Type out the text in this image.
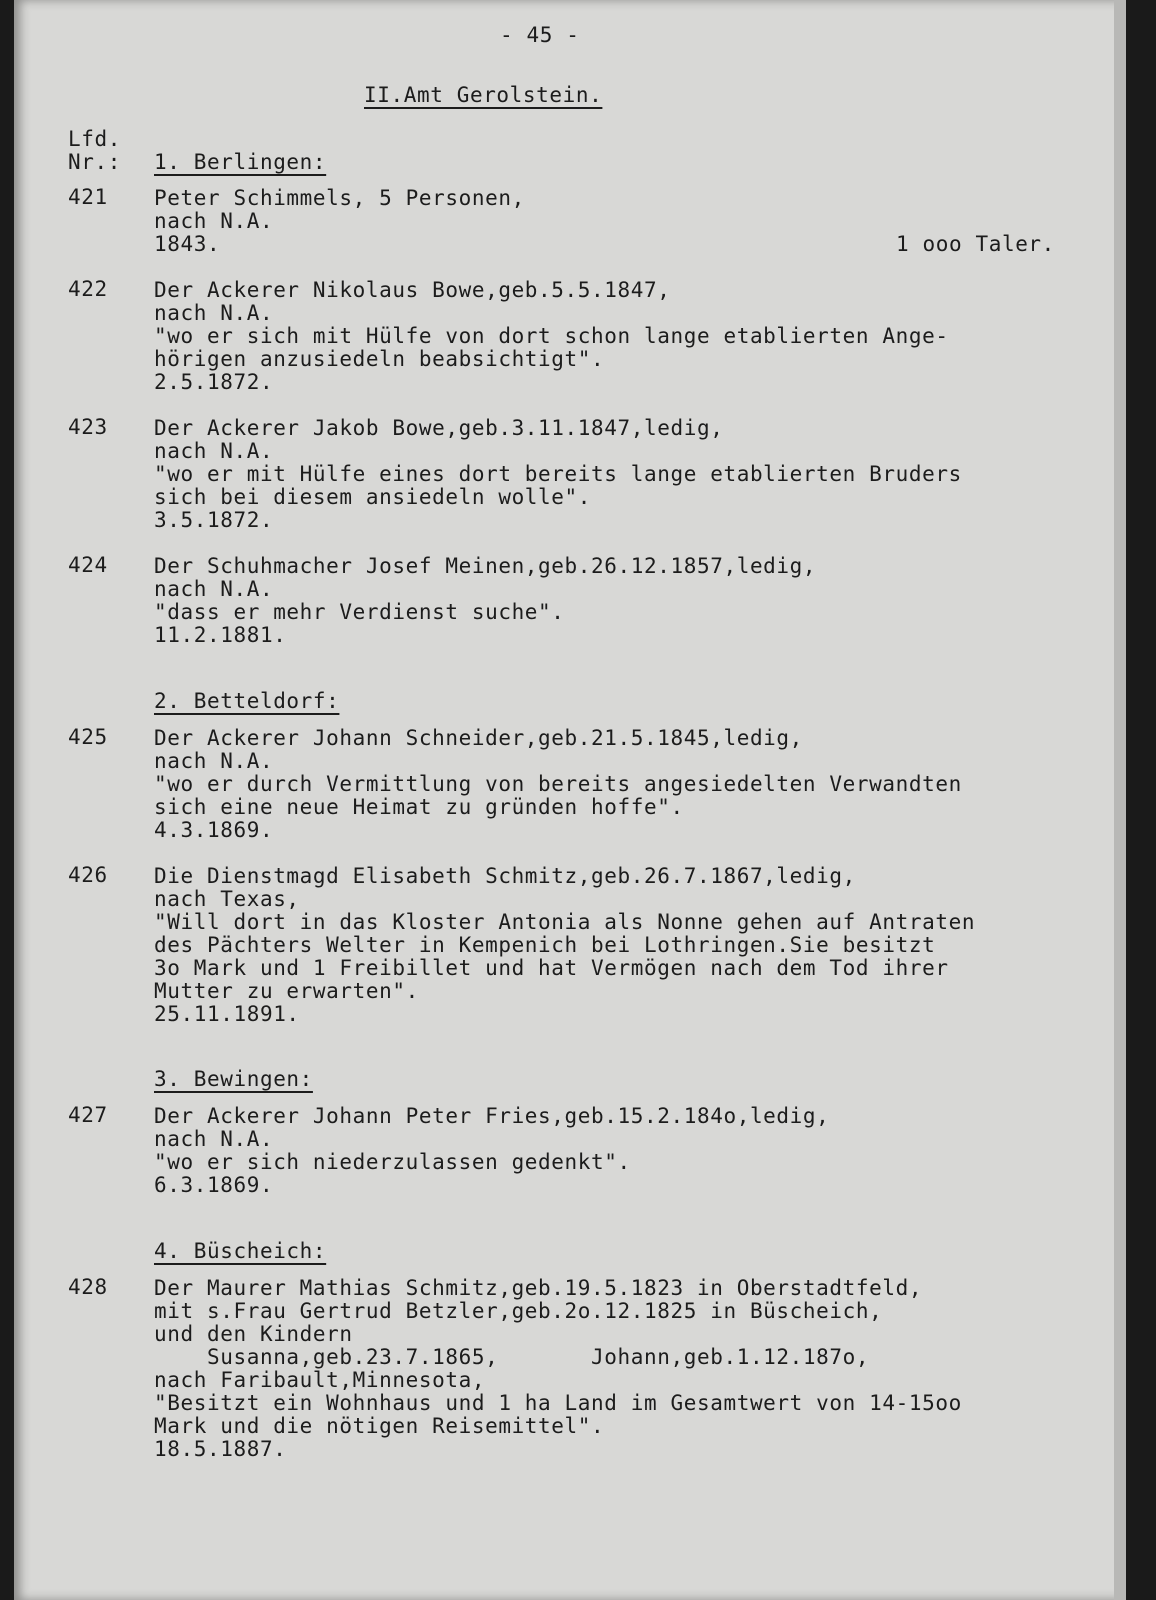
- 45 -
II.Amt Gerolstein.
Lfd.
Nr.: 1. Berlingen:
421 Peter Schimmels, 5 Personen,
nach N.A.
1843.	1 ooo Taler.
422 Der Ackerer Nikolaus Bowe,geb.5.5.1847,
nach N.A.
"wo er sich mit Hülfe von dort schon lange etablierten Ange-
hörigen anzusiedeln beabsichtigt".
2.5.1872.
423 Der Ackerer Jakob Bowe,geb.3.11.1847,ledig,
nach N.A.
"wo er mit Hülfe eines dort bereits lange etablierten Bruders
sich bei diesem ansiedeln wolle".
3.5.1872.
424 Der Schuhmacher Josef Meinen,geb.26.12.1857,ledig,
nach N.A.
"dass er mehr Verdienst suche".
11.2.1881.
2. Betteldorf:
425 Der Ackerer Johann Schneider,geb.21.5.1845,ledig,
nach N.A.
"wo er durch Vermittlung von bereits angesiedelten Verwandten
sich eine neue Heimat zu gründen hoffe".
4.3.1869.
426 Die Dienstmagd Elisabeth Schmitz,geb.26.7.1867,ledig,
nach Texas,
"Will dort in das Kloster Antonia als Nonne gehen auf Antraten
des Pächters Welter in Kempenich bei Lothringen.Sie besitzt
3o Mark und 1 Freibillet und hat Vermögen nach dem Tod ihrer
Mutter zu erwarten".
25.11.1891.
3. Bewingen:
427 Der Ackerer Johann Peter Fries,geb.15.2.184o,ledig,
nach N.A.
"wo er sich niederzulassen gedenkt".
6.3.1869.
4. Büscheich:
428 Der Maurer Mathias Schmitz,geb.19.5.1823 in Oberstadtfeld,
mit s.Frau Gertrud Betzler,geb.2o.12.1825 in Büscheich,
und den Kindern
Susanna,geb.23.7.1865,       Johann,geb.1.12.187o,
nach Faribault,Minnesota,
"Besitzt ein Wohnhaus und 1 ha Land im Gesamtwert von 14-15oo
Mark und die nötigen Reisemittel".
18.5.1887.
